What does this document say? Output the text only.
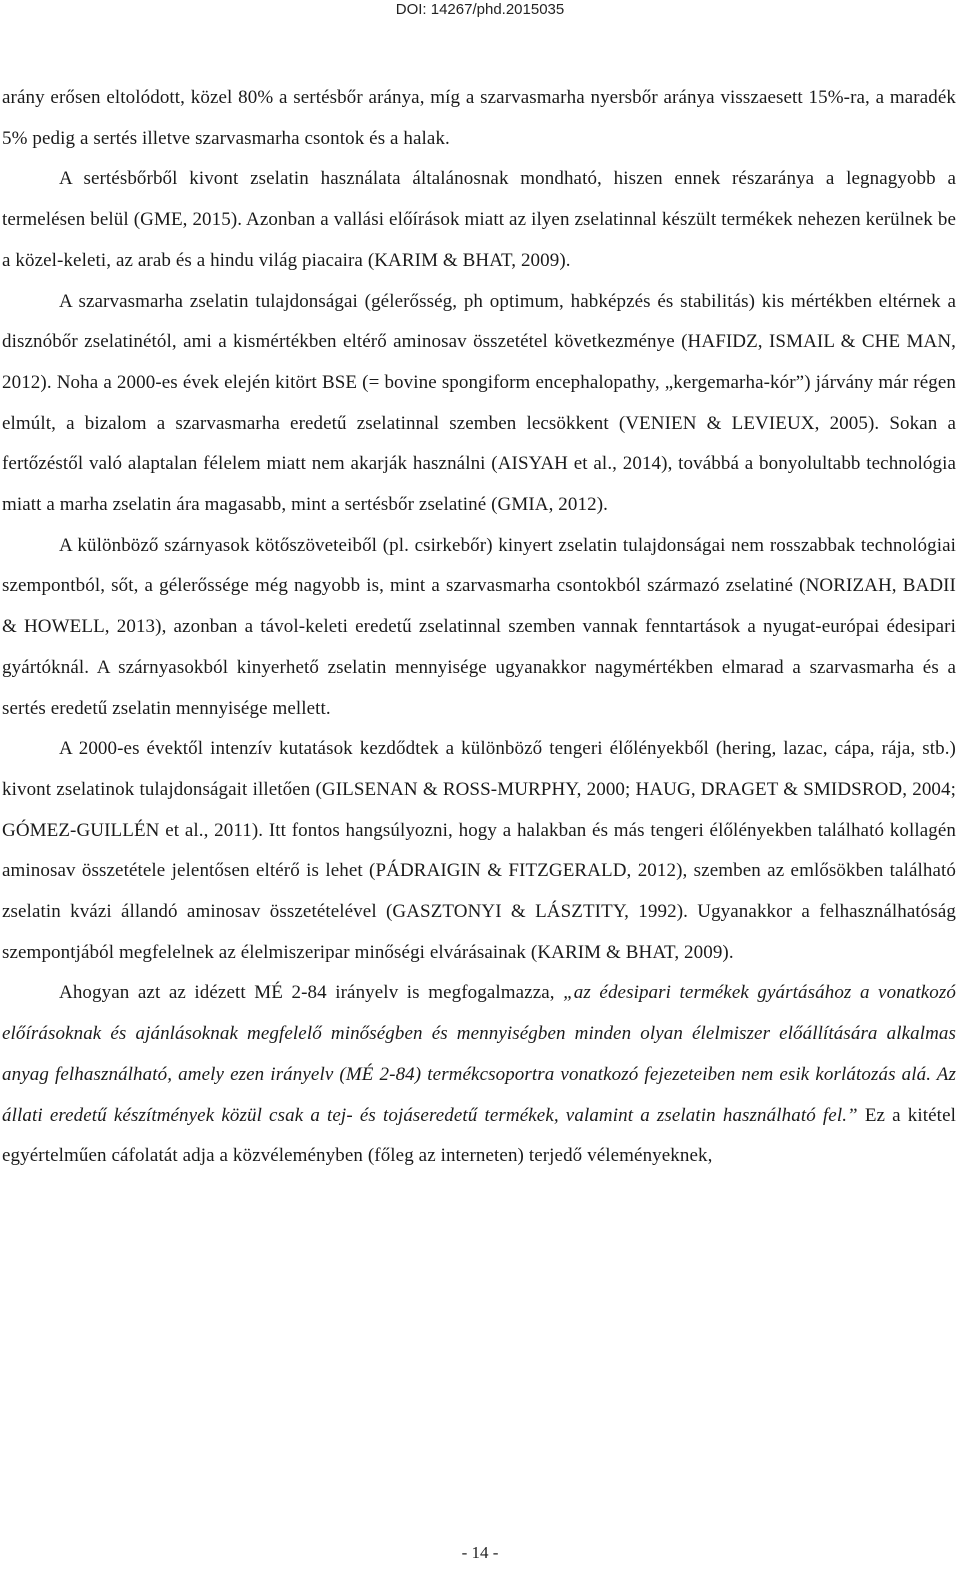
DOI: 14267/phd.2015035

arány erősen eltolódott, közel 80% a sertésbőr aránya, míg a szarvasmarha nyersbőr aránya visszaesett 15%-ra, a maradék 5% pedig a sertés illetve szarvasmarha csontok és a halak.

A sertésbőrből kivont zselatin használata általánosnak mondható, hiszen ennek részaránya a legnagyobb a termelésen belül (GME, 2015). Azonban a vallási előírások miatt az ilyen zselatinnal készült termékek nehezen kerülnek be a közel-keleti, az arab és a hindu világ piacaira (KARIM & BHAT, 2009).

A szarvasmarha zselatin tulajdonságai (gélerősség, ph optimum, habképzés és stabilitás) kis mértékben eltérnek a disznóbőr zselatinétól, ami a kismértékben eltérő aminosav összetétel következménye (HAFIDZ, ISMAIL & CHE MAN, 2012). Noha a 2000-es évek elején kitört BSE (= bovine spongiform encephalopathy, „kergemarha-kór”) járvány már régen elmúlt, a bizalom a szarvasmarha eredetű zselatinnal szemben lecsökkent (VENIEN & LEVIEUX, 2005). Sokan a fertőzéstől való alaptalan félelem miatt nem akarják használni (AISYAH et al., 2014), továbbá a bonyolultabb technológia miatt a marha zselatin ára magasabb, mint a sertésbőr zselatiné (GMIA, 2012).

A különböző szárnyasok kötőszöveteiből (pl. csirkebőr) kinyert zselatin tulajdonságai nem rosszabbak technológiai szempontból, sőt, a gélerőssége még nagyobb is, mint a szarvasmarha csontokból származó zselatiné (NORIZAH, BADII & HOWELL, 2013), azonban a távol-keleti eredetű zselatinnal szemben vannak fenntartások a nyugat-európai édesipari gyártóknál. A szárnyasokból kinyerhető zselatin mennyisége ugyanakkor nagymértékben elmarad a szarvasmarha és a sertés eredetű zselatin mennyisége mellett.

A 2000-es évektől intenzív kutatások kezdődtek a különböző tengeri élőlényekből (hering, lazac, cápa, rája, stb.) kivont zselatinok tulajdonságait illetően (GILSENAN & ROSS-MURPHY, 2000; HAUG, DRAGET & SMIDSROD, 2004; GÓMEZ-GUILLÉN et al., 2011). Itt fontos hangsúlyozni, hogy a halakban és más tengeri élőlényekben található kollagén aminosav összetétele jelentősen eltérő is lehet (PÁDRAIGIN & FITZGERALD, 2012), szemben az emlősökben található zselatin kvázi állandó aminosav összetételével (GASZTONYI & LÁSZTITY, 1992). Ugyanakkor a felhasználhatóság szempontjából megfelelnek az élelmiszeripar minőségi elvárásainak (KARIM & BHAT, 2009).

Ahogyan azt az idézett MÉ 2-84 irányelv is megfogalmazza, „az édesipari termékek gyártásához a vonatkozó előírásoknak és ajánlásoknak megfelelő minőségben és mennyiségben minden olyan élelmiszer előállítására alkalmas anyag felhasználható, amely ezen irányelv (MÉ 2-84) termékcsoportra vonatkozó fejezeteiben nem esik korlátozás alá. Az állati eredetű készítmények közül csak a tej- és tojáseredetű termékek, valamint a zselatin használható fel.” Ez a kitétel egyértelműen cáfolatát adja a közvéleményben (főleg az interneten) terjedő véleményeknek,

- 14 -
